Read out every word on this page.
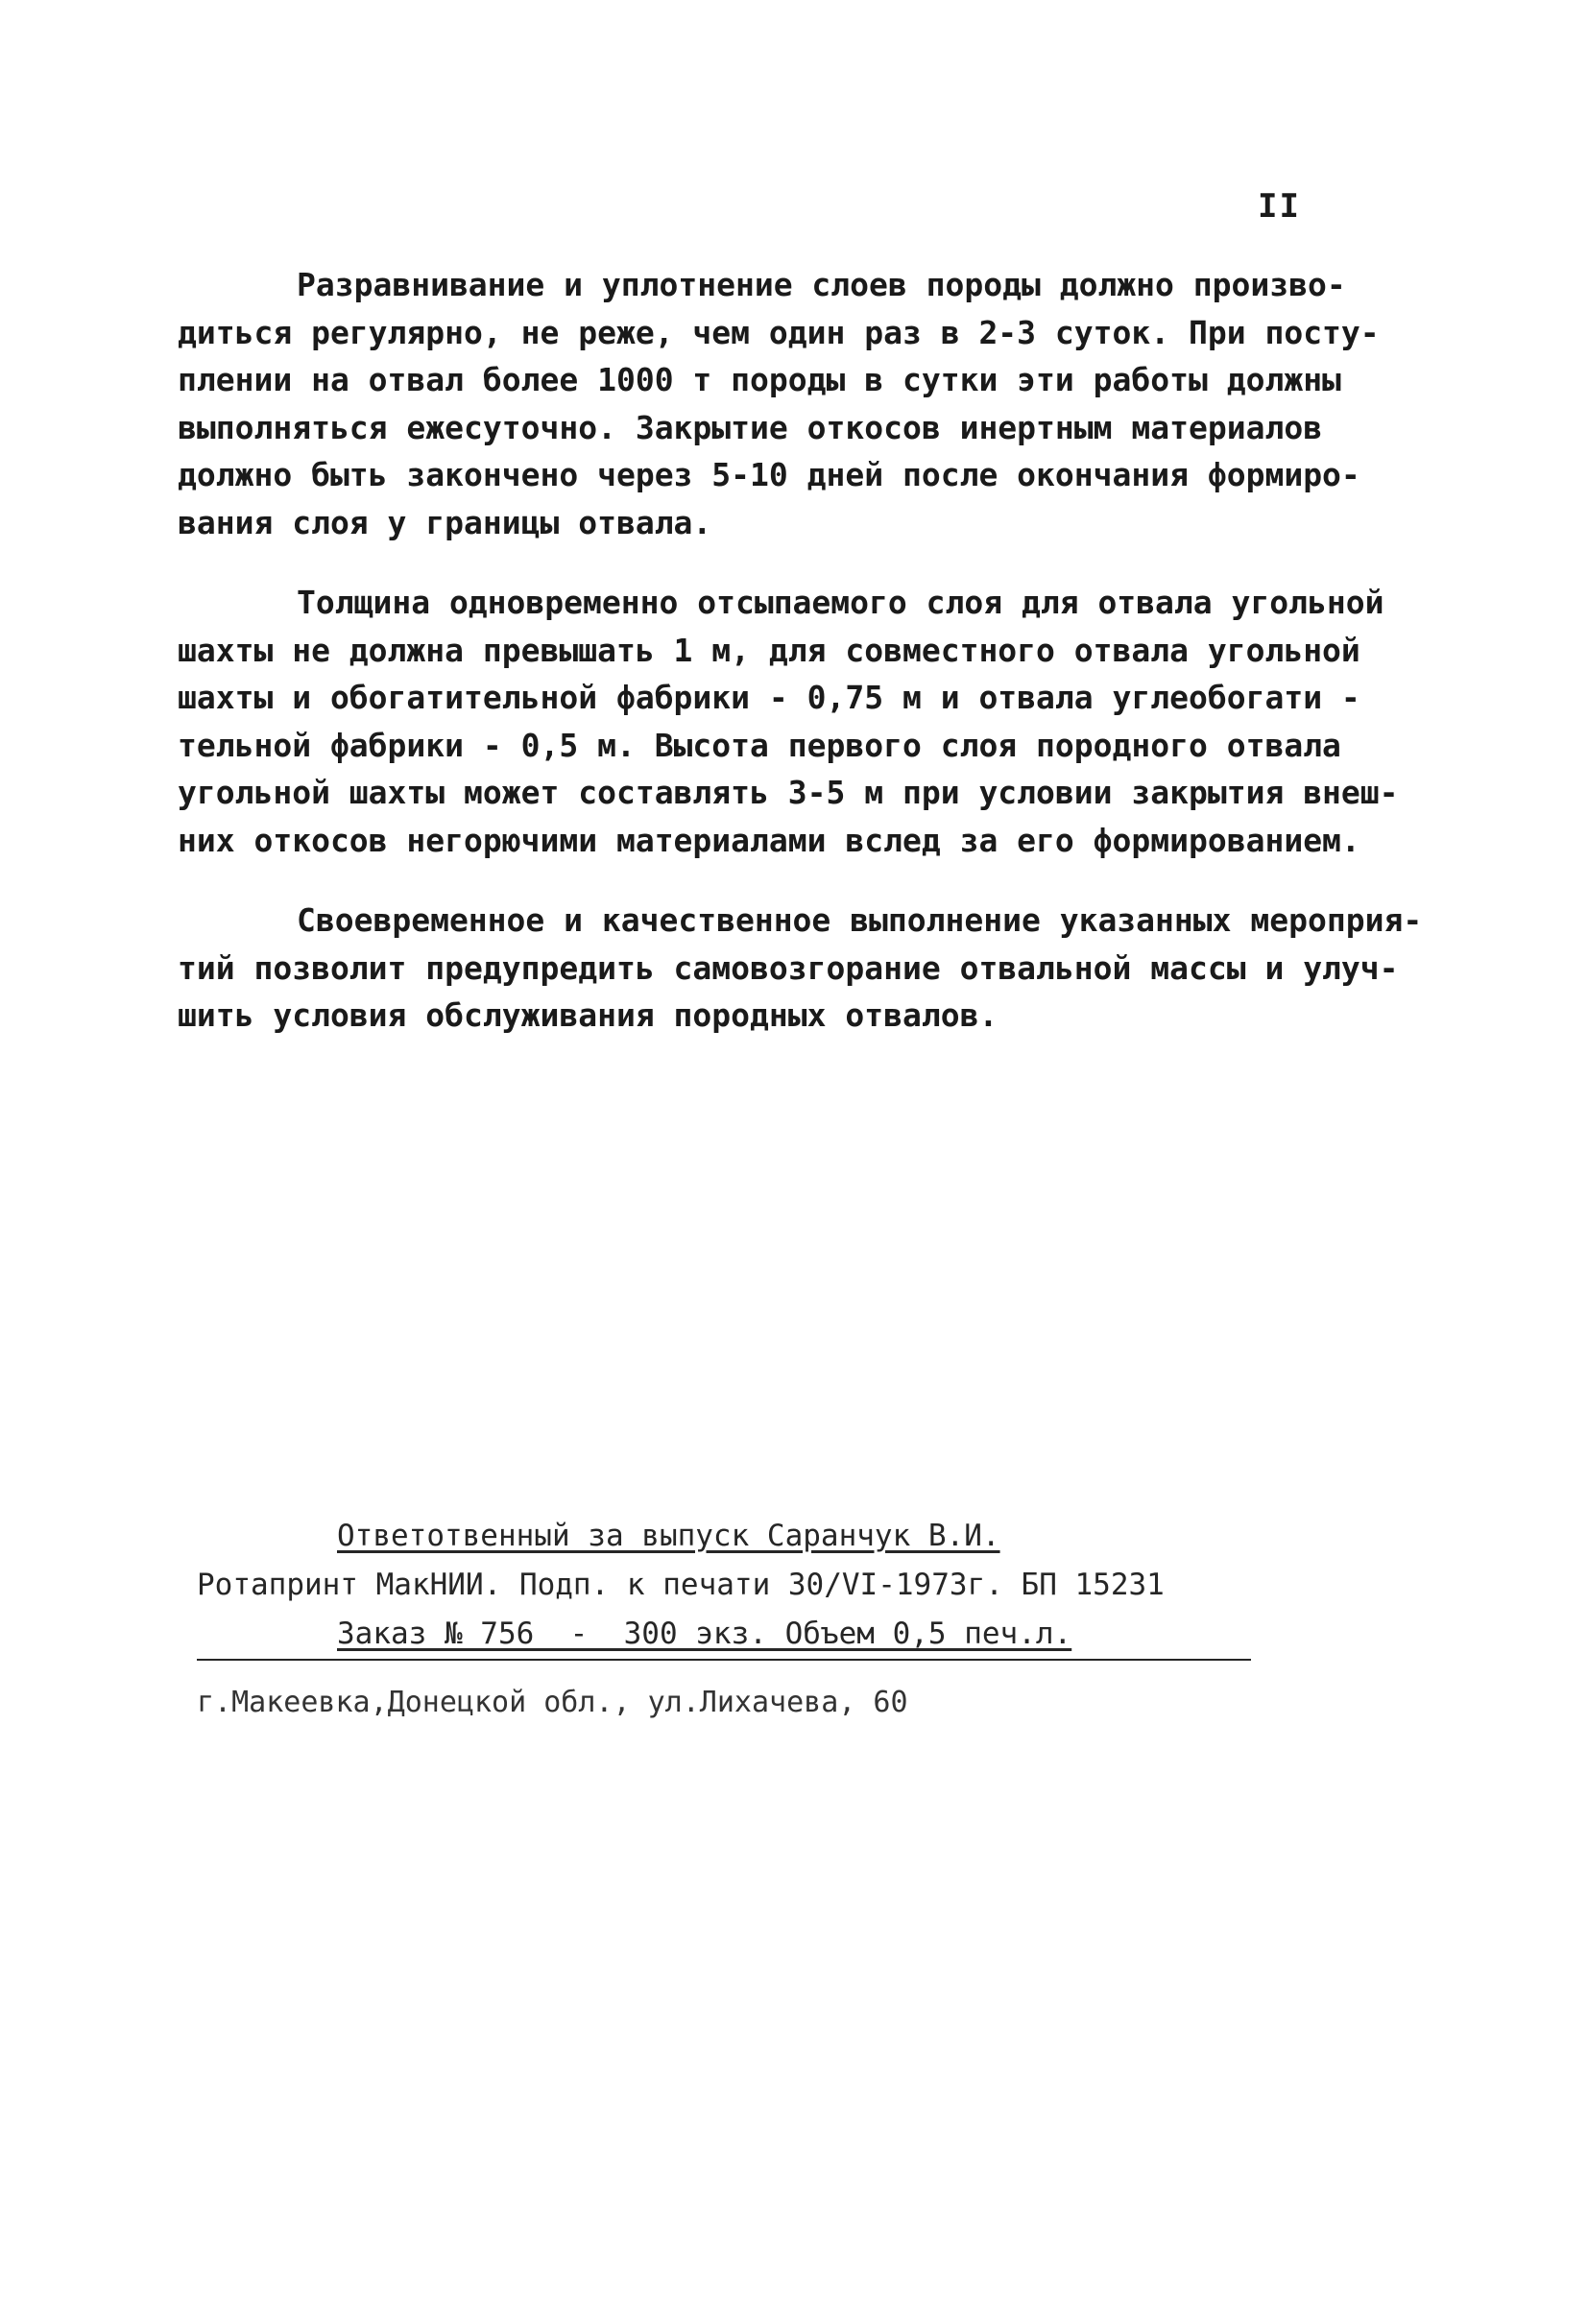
II

Разравнивание и уплотнение слоев породы должно произво-
диться регулярно, не реже, чем один раз в 2-3 суток. При посту-
плении на отвал более 1000 т породы в сутки эти работы должны
выполняться ежесуточно. Закрытие откосов инертным материалов
должно быть закончено через 5-10 дней после окончания формиро-
вания слоя у границы отвала.

Толщина одновременно отсыпаемого слоя для отвала угольной
шахты не должна превышать 1 м, для совместного отвала угольной
шахты и обогатительной фабрики - 0,75 м и отвала углеобогати -
тельной фабрики - 0,5 м. Высота первого слоя породного отвала
угольной шахты может составлять 3-5 м при условии закрытия внеш-
них откосов негорючими материалами вслед за его формированием.

Своевременное и качественное выполнение указанных мероприя-
тий позволит предупредить самовозгорание отвальной массы и улуч-
шить условия обслуживания породных отвалов.

Ответотвенный за выпуск Саранчук В.И.
Ротапринт МакНИИ. Подп. к печати 30/VI-1973г. БП 15231
Заказ № 756  -  300 экз. Объем 0,5 печ.л.
г.Макеевка,Донецкой обл., ул.Лихачева, 60
